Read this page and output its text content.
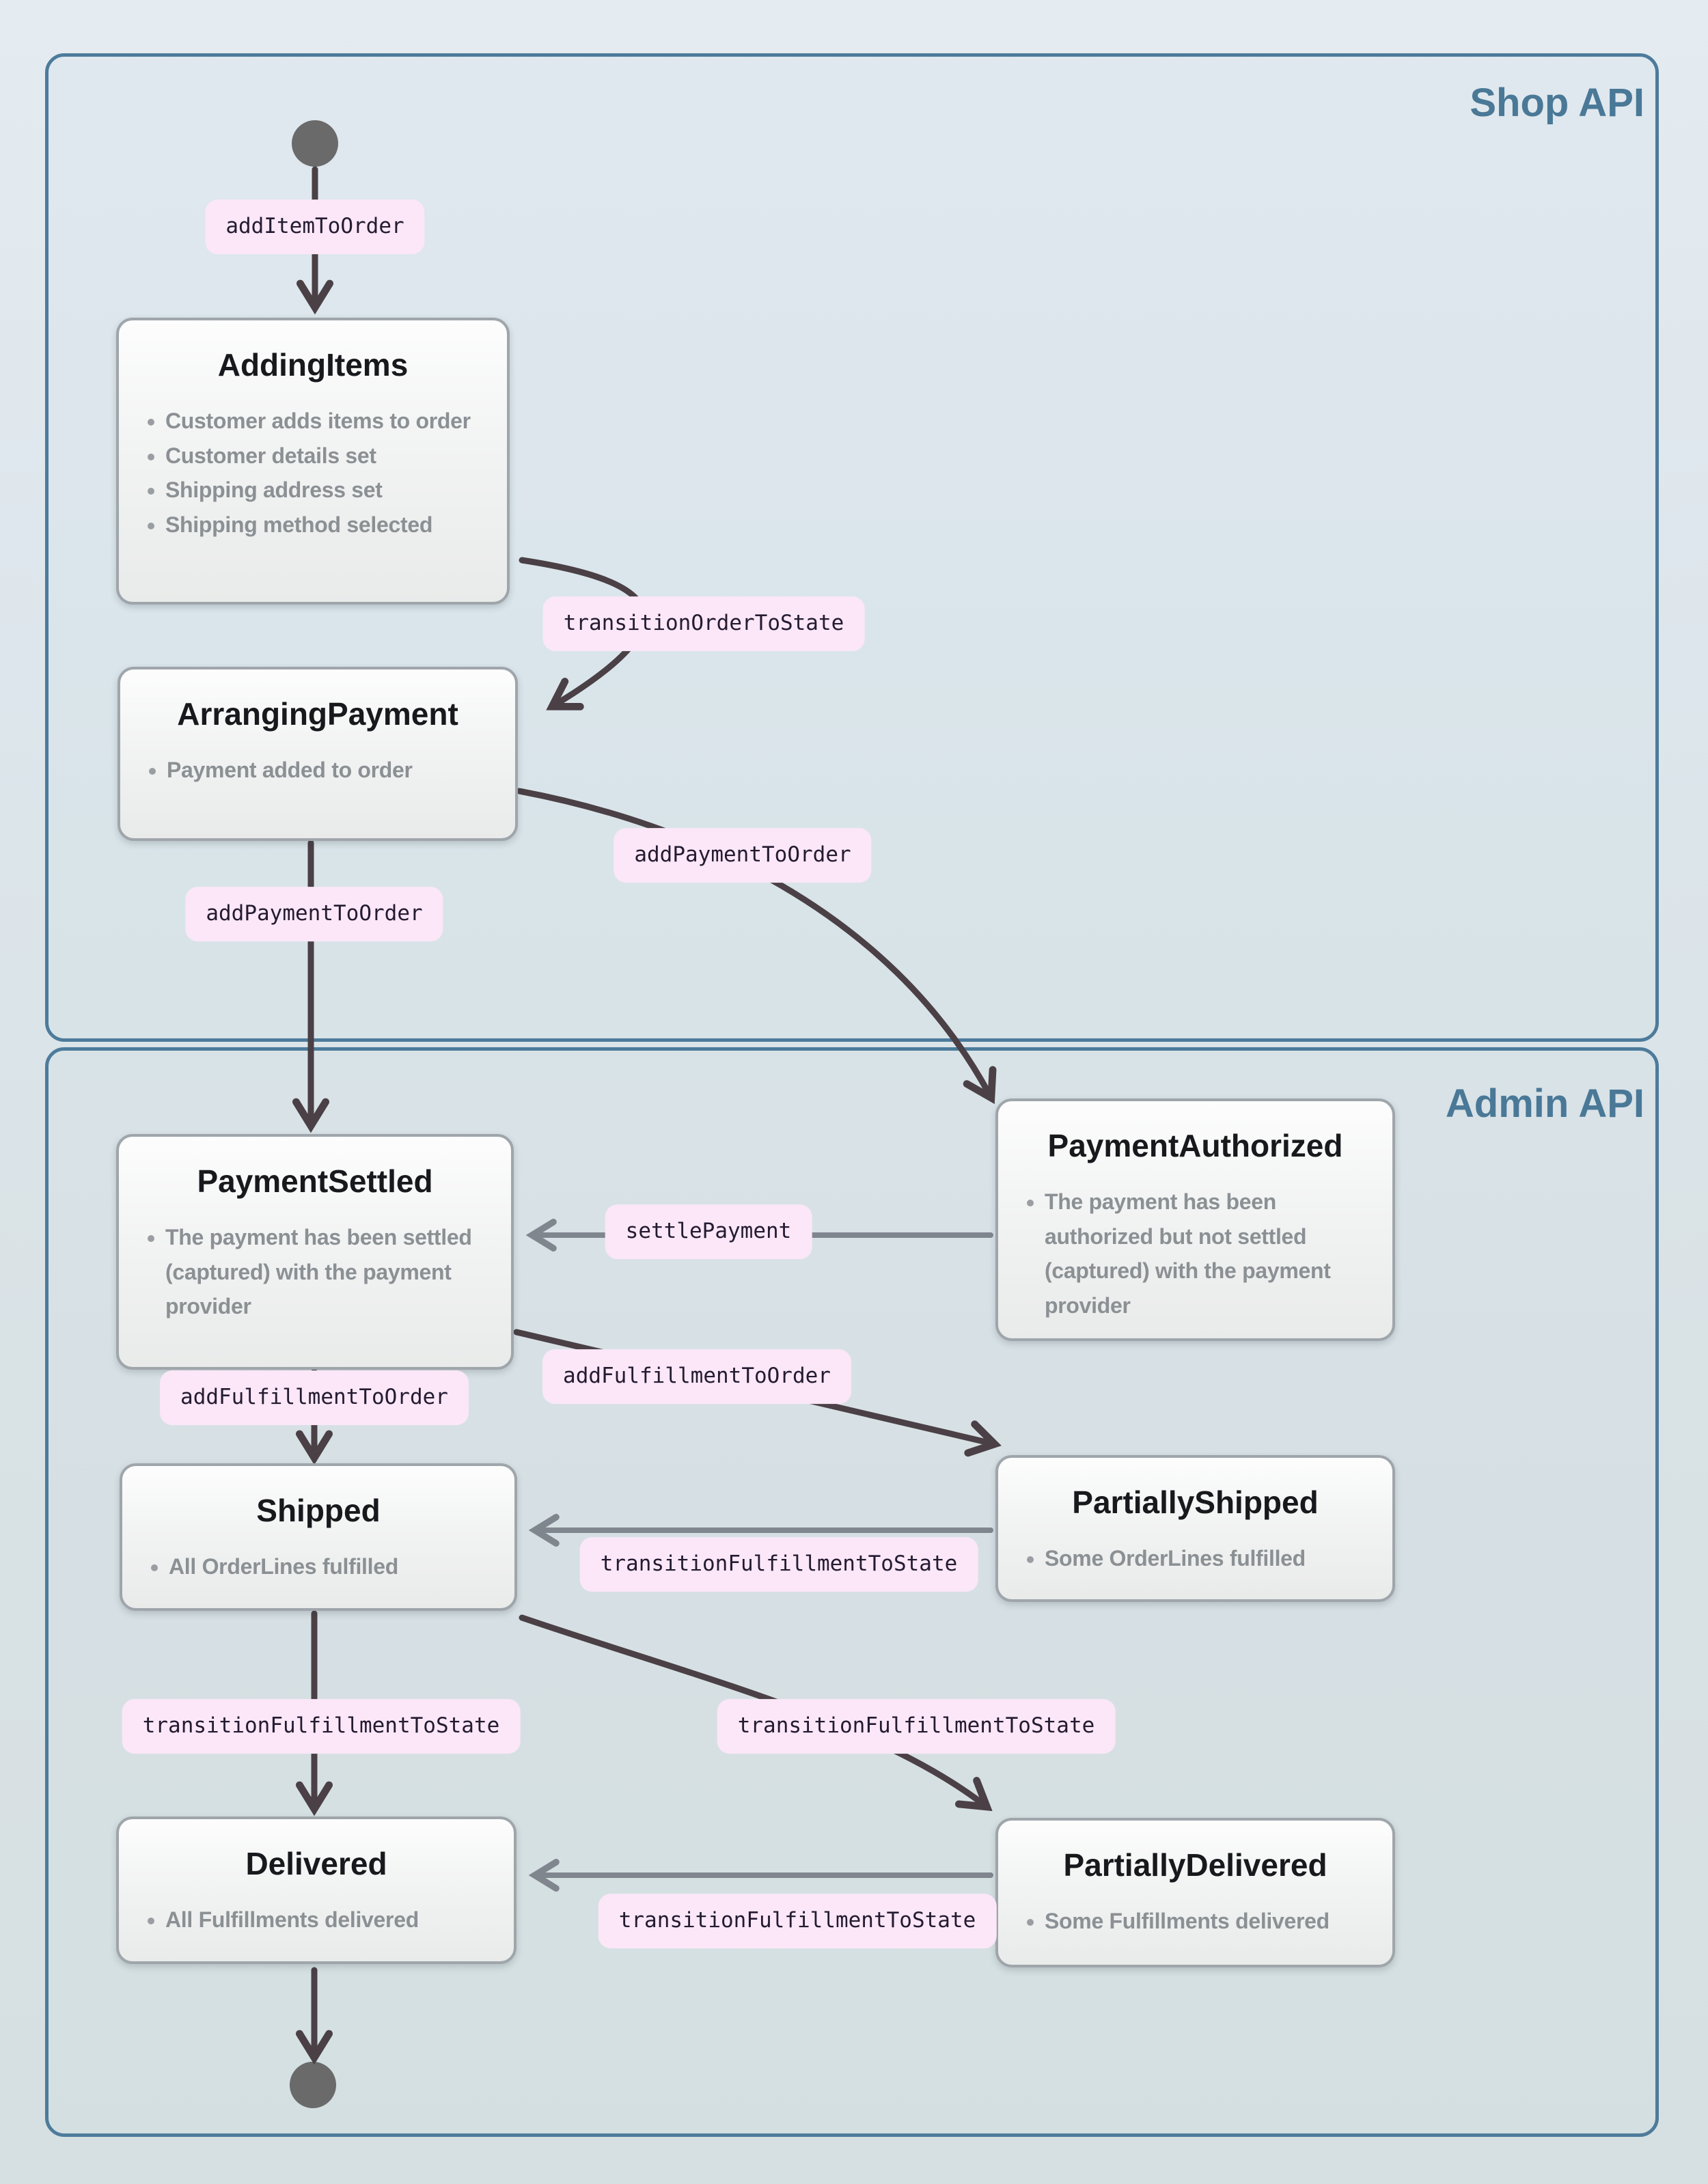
Shop API
Admin API
AddingItems
• Customer adds items to order
• Customer details set
• Shipping address set
• Shipping method selected
ArrangingPayment
• Payment added to order
PaymentSettled
• The payment has been settled (captured) with the payment provider
PaymentAuthorized
• The payment has been authorized but not settled (captured) with the payment provider
Shipped
• All OrderLines fulfilled
PartiallyShipped
• Some OrderLines fulfilled
Delivered
• All Fulfillments delivered
PartiallyDelivered
• Some Fulfillments delivered
addItemToOrder
transitionOrderToState
addPaymentToOrder
addPaymentToOrder
settlePayment
addFulfillmentToOrder
addFulfillmentToOrder
transitionFulfillmentToState
transitionFulfillmentToState	transitionFulfillmentToState
transitionFulfillmentToState
